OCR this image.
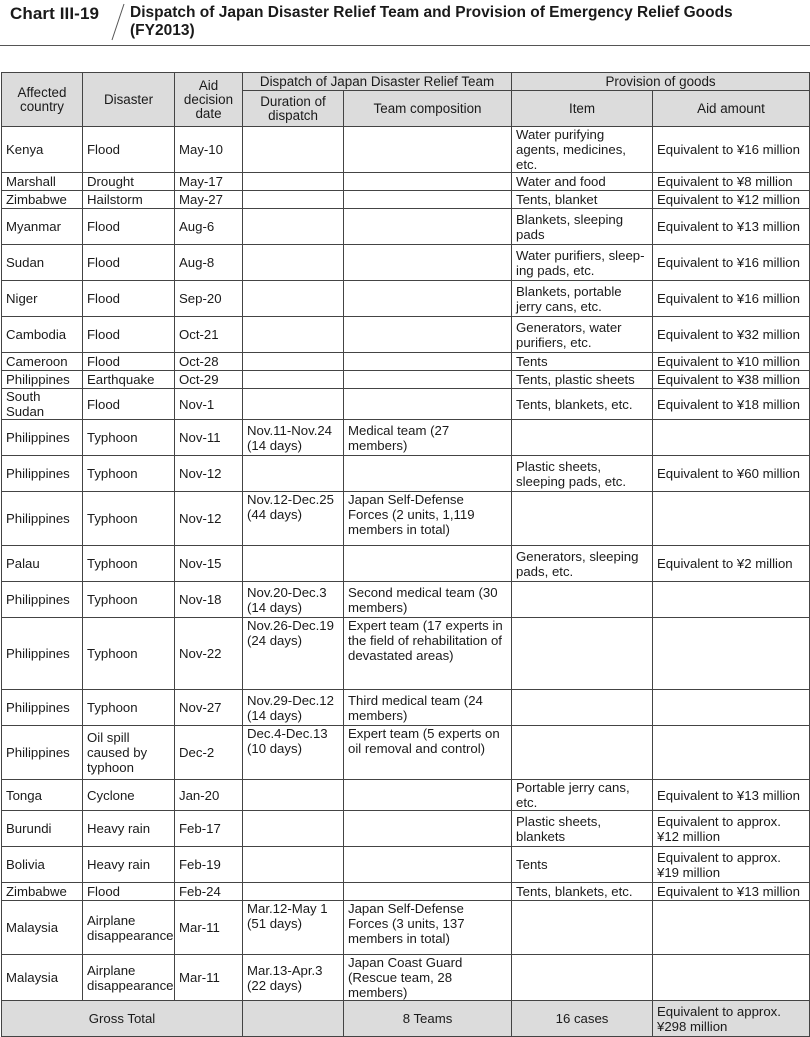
Chart III-19 Dispatch of Japan Disaster Relief Team and Provision of Emergency Relief Goods
(FY2013)
Affected country	Disaster	Aid decision date	Dispatch of Japan Disaster Relief Team		Provision of goods	
			Duration of dispatch	Team composition	Item	Aid amount
Kenya	Flood	May-10			Water purifying agents, medicines, etc.	Equivalent to ¥16 million
Marshall	Drought	May-17			Water and food	Equivalent to ¥8 million
Zimbabwe	Hailstorm	May-27			Tents, blanket	Equivalent to ¥12 million
Myanmar	Flood	Aug-6			Blankets, sleeping pads	Equivalent to ¥13 million
Sudan	Flood	Aug-8			Water purifiers, sleep-ing pads, etc.	Equivalent to ¥16 million
Niger	Flood	Sep-20			Blankets, portable jerry cans, etc.	Equivalent to ¥16 million
Cambodia	Flood	Oct-21			Generators, water purifiers, etc.	Equivalent to ¥32 million
Cameroon	Flood	Oct-28			Tents	Equivalent to ¥10 million
Philippines	Earthquake	Oct-29			Tents, plastic sheets	Equivalent to ¥38 million
South Sudan	Flood	Nov-1			Tents, blankets, etc.	Equivalent to ¥18 million
Philippines	Typhoon	Nov-11	Nov.11-Nov.24 (14 days)	Medical team (27 members)		
Philippines	Typhoon	Nov-12			Plastic sheets, sleeping pads, etc.	Equivalent to ¥60 million
Philippines	Typhoon	Nov-12	Nov.12-Dec.25 (44 days)	Japan Self-Defense Forces (2 units, 1,119 members in total)		
Palau	Typhoon	Nov-15			Generators, sleeping pads, etc.	Equivalent to ¥2 million
Philippines	Typhoon	Nov-18	Nov.20-Dec.3 (14 days)	Second medical team (30 members)		
Philippines	Typhoon	Nov-22	Nov.26-Dec.19 (24 days)	Expert team (17 experts in the field of rehabilitation of devastated areas)		
Philippines	Typhoon	Nov-27	Nov.29-Dec.12 (14 days)	Third medical team (24 members)		
Philippines	Oil spill caused by typhoon	Dec-2	Dec.4-Dec.13 (10 days)	Expert team (5 experts on oil removal and control)		
Tonga	Cyclone	Jan-20			Portable jerry cans, etc.	Equivalent to ¥13 million
Burundi	Heavy rain	Feb-17			Plastic sheets, blankets	Equivalent to approx. ¥12 million
Bolivia	Heavy rain	Feb-19			Tents	Equivalent to approx. ¥19 million
Zimbabwe	Flood	Feb-24			Tents, blankets, etc.	Equivalent to ¥13 million
Malaysia	Airplane disappearance	Mar-11	Mar.12-May 1 (51 days)	Japan Self-Defense Forces (3 units, 137 members in total)		
Malaysia	Airplane disappearance	Mar-11	Mar.13-Apr.3 (22 days)	Japan Coast Guard (Rescue team, 28 members)		
Gross Total				8 Teams	16 cases	Equivalent to approx. ¥298 million
